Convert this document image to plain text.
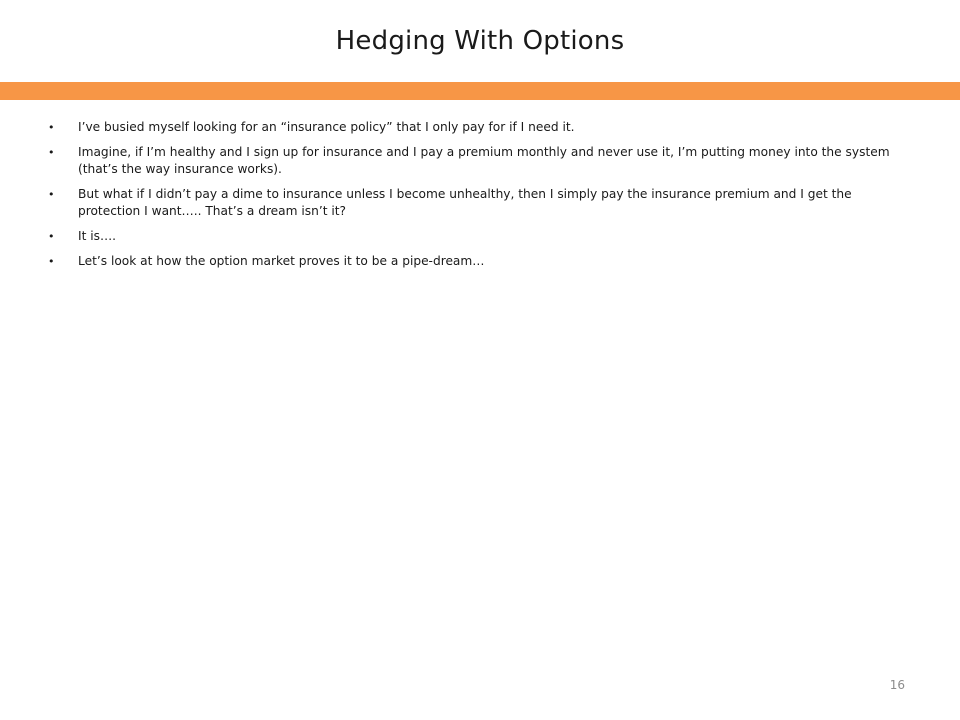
Hedging With Options
• I’ve busied myself looking for an “insurance policy” that I only pay for if I need it.
• Imagine, if I’m healthy and I sign up for insurance and I pay a premium monthly and never use it, I’m putting money into the system (that’s the way insurance works).
• But what if I didn’t pay a dime to insurance unless I become unhealthy, then I simply pay the insurance premium and I get the protection I want….. That’s a dream isn’t it?
• It is….
• Let’s look at how the option market proves it to be a pipe-dream…
16
